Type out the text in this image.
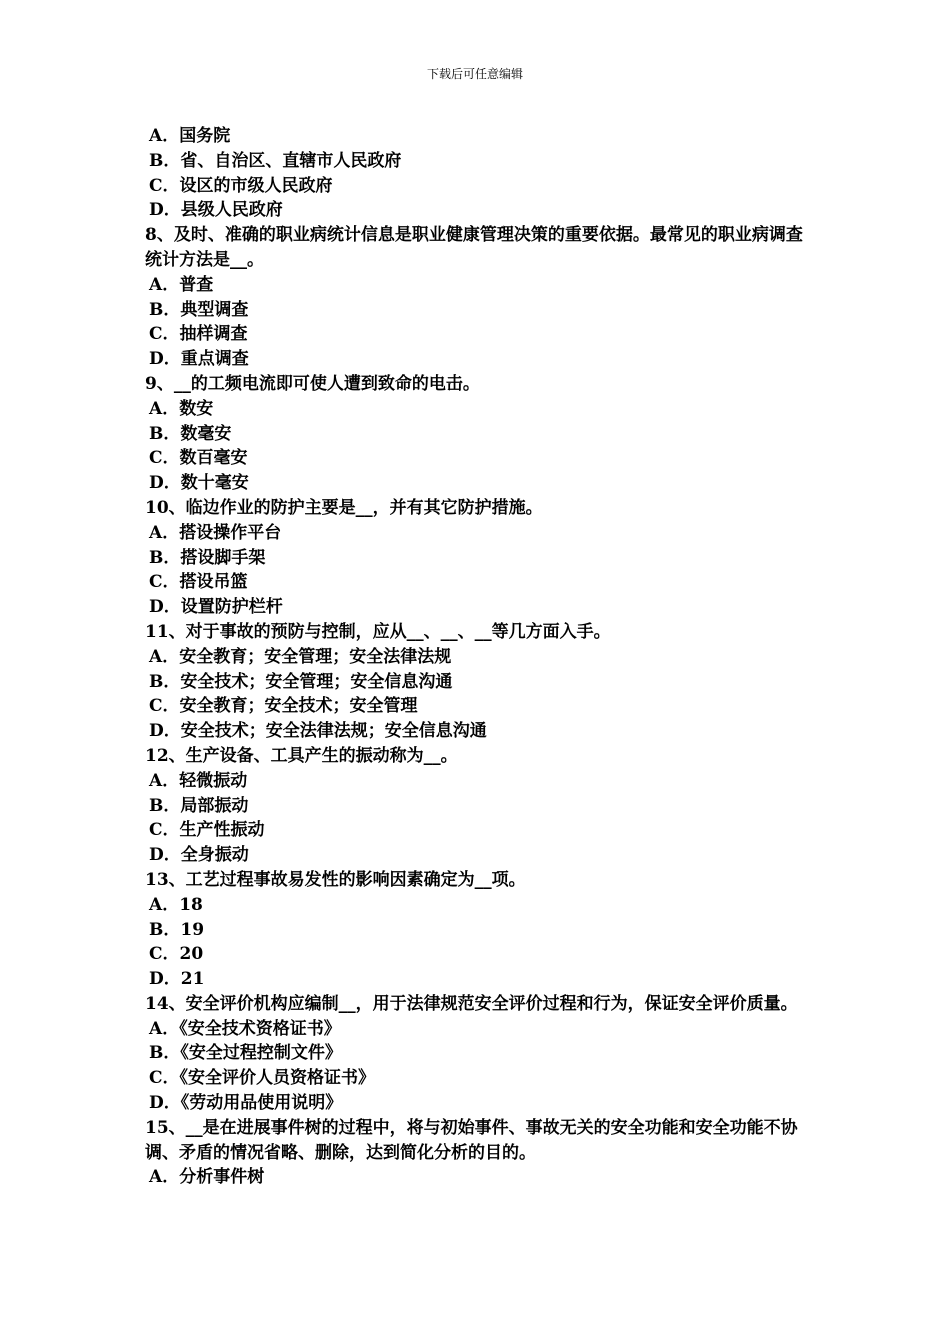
下载后可任意编辑

A．国务院

B．省、自治区、直辖市人民政府

C．设区的市级人民政府

D．县级人民政府

8、及时、准确的职业病统计信息是职业健康管理决策的重要依据。最常见的职业病调查统计方法是__。

A．普查

B．典型调查

C．抽样调查

D．重点调查

9、__的工频电流即可使人遭到致命的电击。

A．数安

B．数毫安

C．数百毫安

D．数十毫安

10、临边作业的防护主要是__，并有其它防护措施。

A．搭设操作平台

B．搭设脚手架

C．搭设吊篮

D．设置防护栏杆

11、对于事故的预防与控制，应从__、__、__等几方面入手。

A．安全教育；安全管理；安全法律法规

B．安全技术；安全管理；安全信息沟通

C．安全教育；安全技术；安全管理

D．安全技术；安全法律法规；安全信息沟通

12、生产设备、工具产生的振动称为__。

A．轻微振动

B．局部振动

C．生产性振动

D．全身振动

13、工艺过程事故易发性的影响因素确定为__项。

A．18

B．19

C．20

D．21

14、安全评价机构应编制__，用于法律规范安全评价过程和行为，保证安全评价质量。

A．《安全技术资格证书》

B．《安全过程控制文件》

C．《安全评价人员资格证书》

D．《劳动用品使用说明》

15、__是在进展事件树的过程中，将与初始事件、事故无关的安全功能和安全功能不协调、矛盾的情况省略、删除，达到简化分析的目的。

A．分析事件树
